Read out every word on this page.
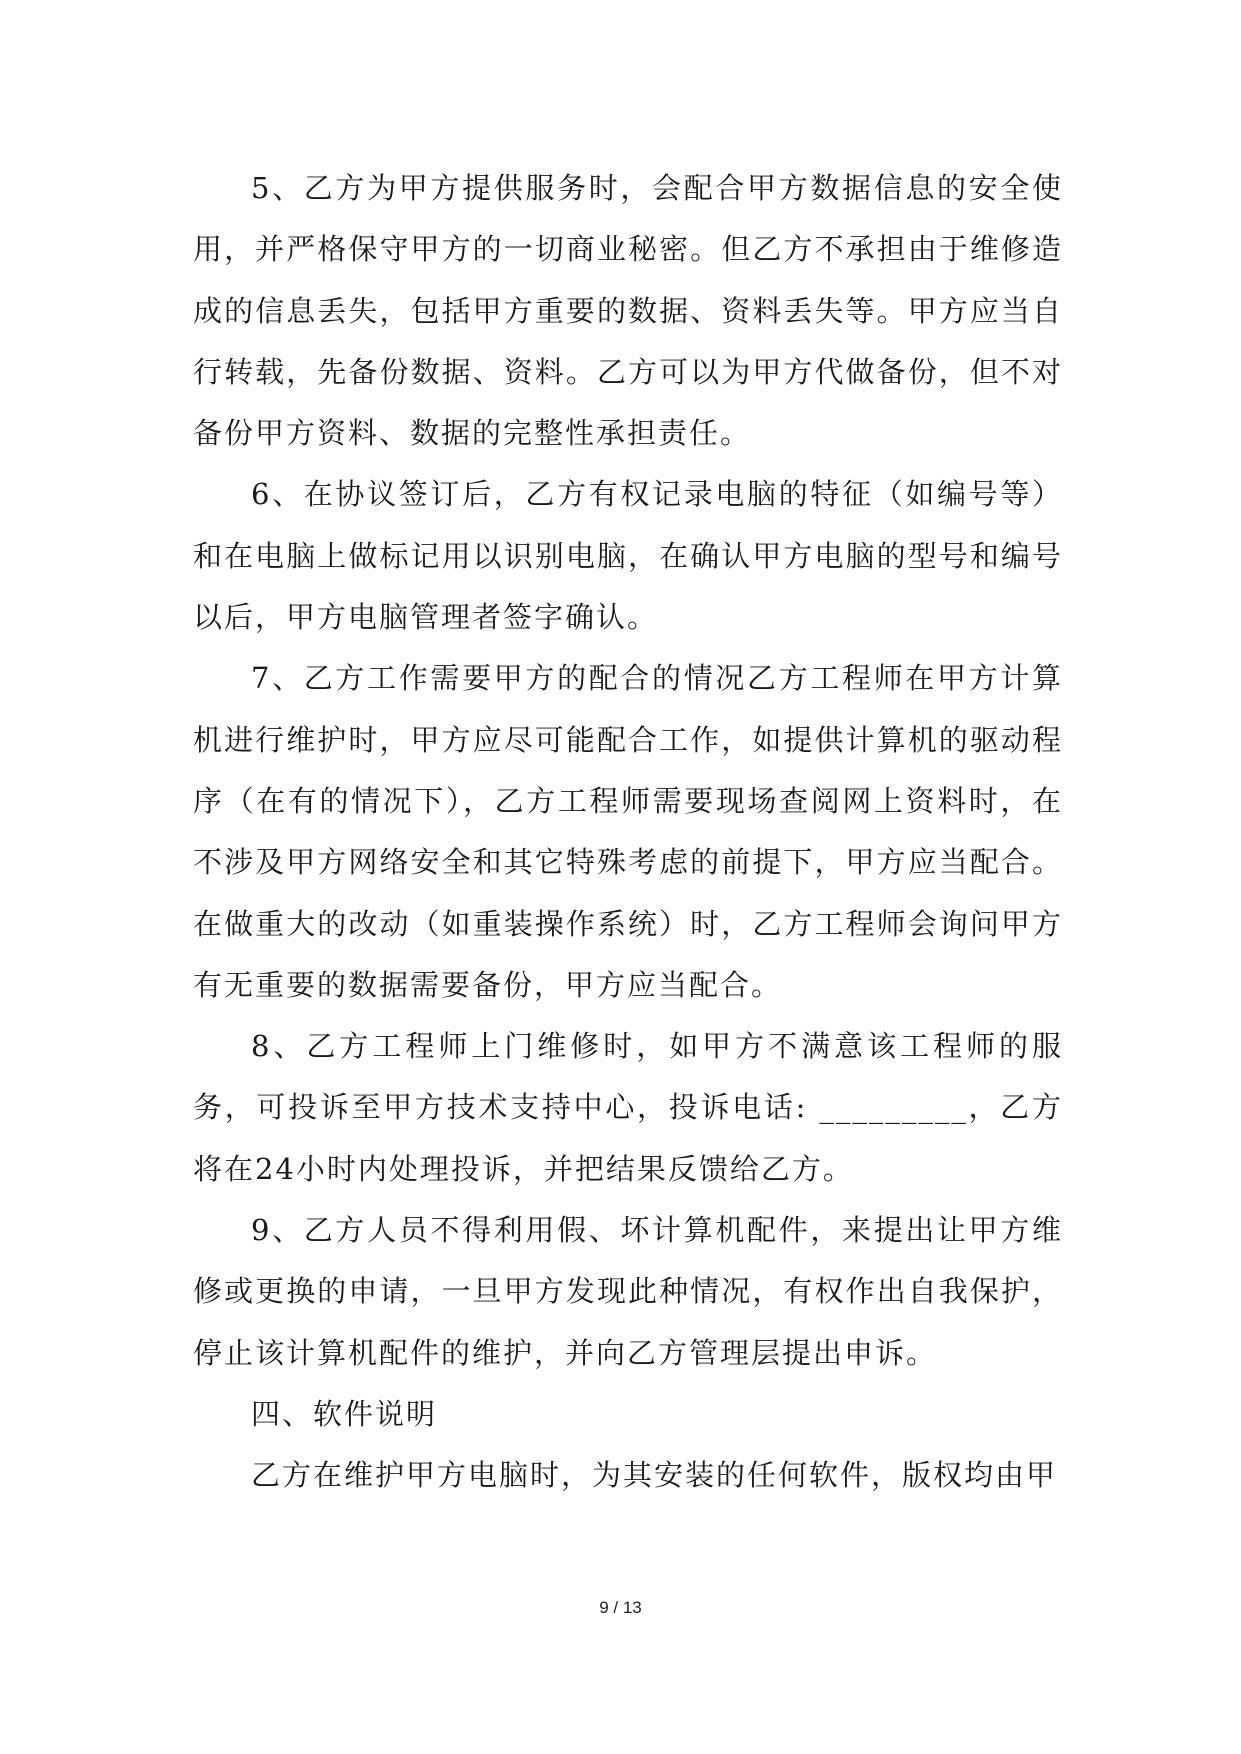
5、乙方为甲方提供服务时，会配合甲方数据信息的安全使用，并严格保守甲方的一切商业秘密。但乙方不承担由于维修造成的信息丢失，包括甲方重要的数据、资料丢失等。甲方应当自行转载，先备份数据、资料。乙方可以为甲方代做备份，但不对备份甲方资料、数据的完整性承担责任。

6、在协议签订后，乙方有权记录电脑的特征（如编号等）和在电脑上做标记用以识别电脑，在确认甲方电脑的型号和编号以后，甲方电脑管理者签字确认。

7、乙方工作需要甲方的配合的情况乙方工程师在甲方计算机进行维护时，甲方应尽可能配合工作，如提供计算机的驱动程序（在有的情况下），乙方工程师需要现场查阅网上资料时，在不涉及甲方网络安全和其它特殊考虑的前提下，甲方应当配合。在做重大的改动（如重装操作系统）时，乙方工程师会询问甲方有无重要的数据需要备份，甲方应当配合。

8、乙方工程师上门维修时，如甲方不满意该工程师的服务，可投诉至甲方技术支持中心，投诉电话: _________，乙方将在24小时内处理投诉，并把结果反馈给乙方。

9、乙方人员不得利用假、坏计算机配件，来提出让甲方维修或更换的申请，一旦甲方发现此种情况，有权作出自我保护，停止该计算机配件的维护，并向乙方管理层提出申诉。

四、软件说明

乙方在维护甲方电脑时，为其安装的任何软件，版权均由甲

9 / 13
